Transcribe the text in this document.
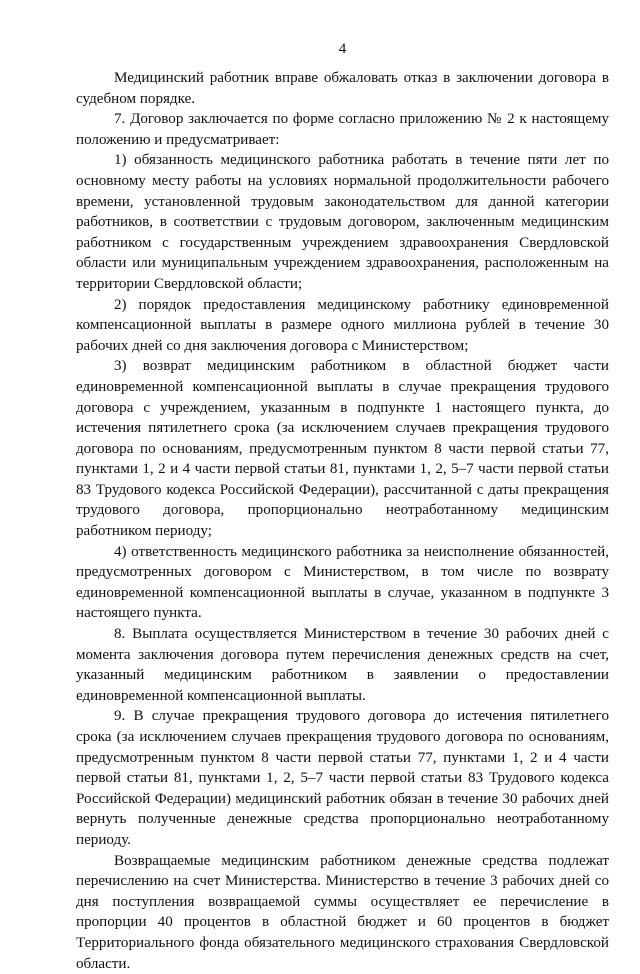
4

Медицинский работник вправе обжаловать отказ в заключении договора в судебном порядке.

7. Договор заключается по форме согласно приложению № 2 к настоящему положению и предусматривает:

1) обязанность медицинского работника работать в течение пяти лет по основному месту работы на условиях нормальной продолжительности рабочего времени, установленной трудовым законодательством для данной категории работников, в соответствии с трудовым договором, заключенным медицинским работником с государственным учреждением здравоохранения Свердловской области или муниципальным учреждением здравоохранения, расположенным на территории Свердловской области;

2) порядок предоставления медицинскому работнику единовременной компенсационной выплаты в размере одного миллиона рублей в течение 30 рабочих дней со дня заключения договора с Министерством;

3) возврат медицинским работником в областной бюджет части единовременной компенсационной выплаты в случае прекращения трудового договора с учреждением, указанным в подпункте 1 настоящего пункта, до истечения пятилетнего срока (за исключением случаев прекращения трудового договора по основаниям, предусмотренным пунктом 8 части первой статьи 77, пунктами 1, 2 и 4 части первой статьи 81, пунктами 1, 2, 5–7 части первой статьи 83 Трудового кодекса Российской Федерации), рассчитанной с даты прекращения трудового договора, пропорционально неотработанному медицинским работником периоду;

4) ответственность медицинского работника за неисполнение обязанностей, предусмотренных договором с Министерством, в том числе по возврату единовременной компенсационной выплаты в случае, указанном в подпункте 3 настоящего пункта.

8. Выплата осуществляется Министерством в течение 30 рабочих дней с момента заключения договора путем перечисления денежных средств на счет, указанный медицинским работником в заявлении о предоставлении единовременной компенсационной выплаты.

9. В случае прекращения трудового договора до истечения пятилетнего срока (за исключением случаев прекращения трудового договора по основаниям, предусмотренным пунктом 8 части первой статьи 77, пунктами 1, 2 и 4 части первой статьи 81, пунктами 1, 2, 5–7 части первой статьи 83 Трудового кодекса Российской Федерации) медицинский работник обязан в течение 30 рабочих дней вернуть полученные денежные средства пропорционально неотработанному периоду.

Возвращаемые медицинским работником денежные средства подлежат перечислению на счет Министерства. Министерство в течение 3 рабочих дней со дня поступления возвращаемой суммы осуществляет ее перечисление в пропорции 40 процентов в областной бюджет и 60 процентов в бюджет Территориального фонда обязательного медицинского страхования Свердловской области.
